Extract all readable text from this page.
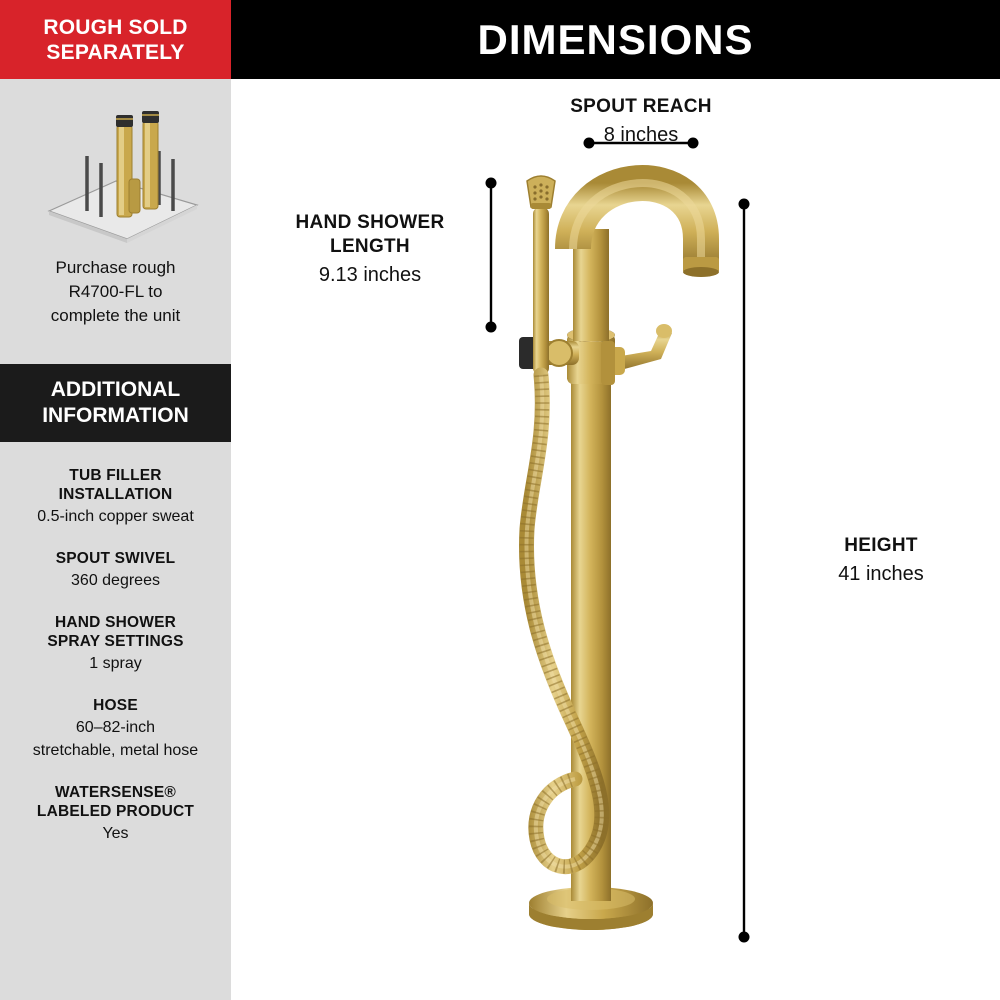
ROUGH SOLD
SEPARATELY
Purchase rough
R4700-FL to
complete the unit
ADDITIONAL
INFORMATION
TUB FILLER
INSTALLATION
0.5-inch copper sweat
SPOUT SWIVEL
360 degrees
HAND SHOWER
SPRAY SETTINGS
1 spray
HOSE
60–82-inch
stretchable, metal hose
WATERSENSE®
LABELED PRODUCT
Yes
DIMENSIONS
SPOUT REACH
8 inches
HAND SHOWER
LENGTH
9.13 inches
HEIGHT
41 inches
